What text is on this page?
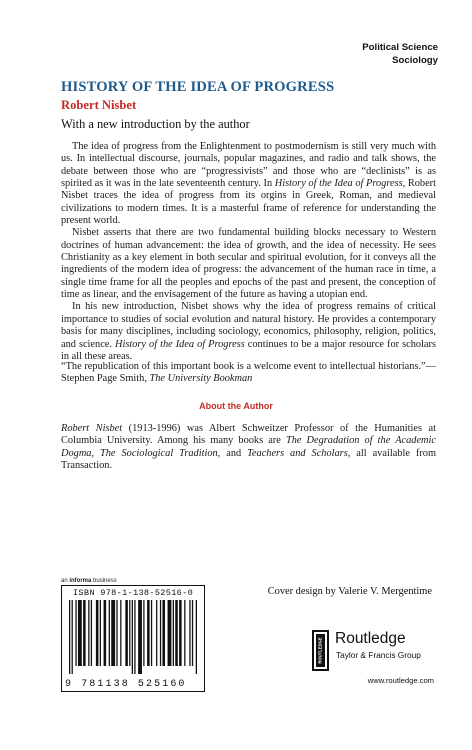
Political Science
Sociology
HISTORY OF THE IDEA OF PROGRESS
Robert Nisbet
With a new introduction by the author

The idea of progress from the Enlightenment to postmodernism is still very much with us. In intellectual discourse, journals, popular magazines, and radio and talk shows, the debate between those who are “progressivists” and those who are “declinists” is as spirited as it was in the late seventeenth century. In History of the Idea of Progress, Robert Nisbet traces the idea of progress from its orgins in Greek, Roman, and medieval civilizations to modern times. It is a masterful frame of reference for understanding the present world.

Nisbet asserts that there are two fundamental building blocks necessary to Western doctrines of human advancement: the idea of growth, and the idea of necessity. He sees Christianity as a key element in both secular and spiritual evolution, for it conveys all the ingredients of the modern idea of progress: the advancement of the human race in time, a single time frame for all the peoples and epochs of the past and present, the conception of time as linear, and the envisagement of the future as having a utopian end.

In his new introduction, Nisbet shows why the idea of progress remains of critical importance to studies of social evolution and natural history. He provides a contemporary basis for many disciplines, including sociology, economics, philosophy, religion, politics, and science. History of the Idea of Progress continues to be a major resource for scholars in all these areas.

“The republication of this important book is a welcome event to intellectual historians.”—Stephen Page Smith, The University Bookman

About the Author

Robert Nisbet (1913-1996) was Albert Schweitzer Professor of the Humanities at Columbia University. Among his many books are The Degradation of the Academic Dogma, The Sociological Tradition, and Teachers and Scholars, all available from Transaction.

an informa business
ISBN 978-1-138-52516-0
9 781138 525160
Cover design by Valerie V. Mergentime
ROUTLEDGE Routledge
Taylor & Francis Group
www.routledge.com
